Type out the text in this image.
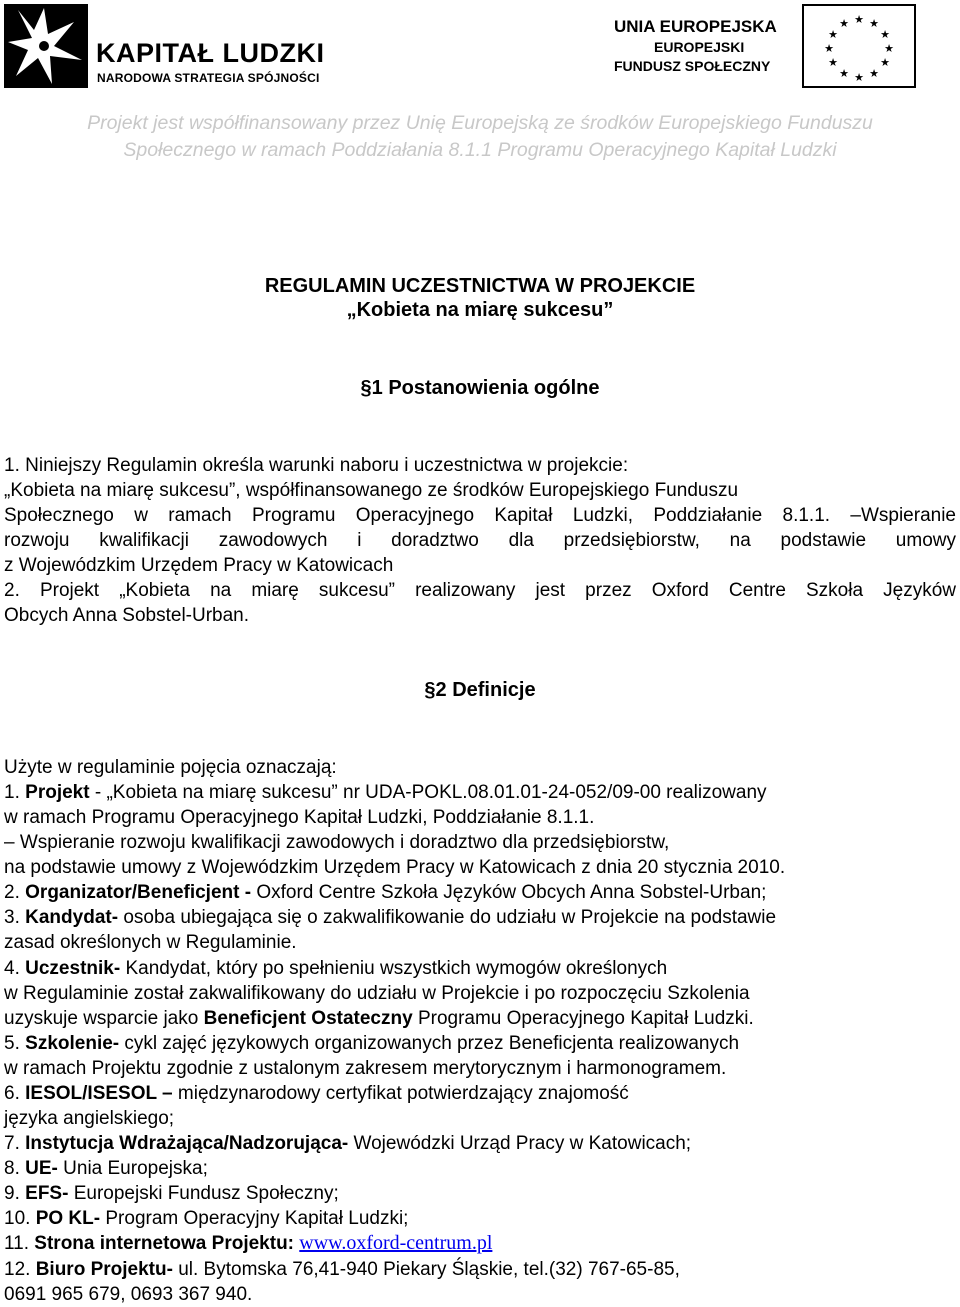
KAPITAŁ LUDZKI
NARODOWA STRATEGIA SPÓJNOŚCI
UNIA EUROPEJSKA
EUROPEJSKI
FUNDUSZ SPOŁECZNY
★ ★
★
★
★
★
★
★
★
★
★
★
Projekt jest współfinansowany przez Unię Europejską ze środków Europejskiego Funduszu
Społecznego w ramach Poddziałania 8.1.1 Programu Operacyjnego Kapitał Ludzki
REGULAMIN UCZESTNICTWA W PROJEKCIE
„Kobieta na miarę sukcesu”
§1 Postanowienia ogólne
1. Niniejszy Regulamin określa warunki naboru i uczestnictwa w projekcie:
„Kobieta na miarę sukcesu”, współfinansowanego ze środków Europejskiego Funduszu
Społecznego w ramach Programu Operacyjnego Kapitał Ludzki, Poddziałanie 8.1.1. –Wspieranie
rozwoju kwalifikacji zawodowych i doradztwo dla przedsiębiorstw, na podstawie umowy
z Wojewódzkim Urzędem Pracy w Katowicach
2. Projekt „Kobieta na miarę sukcesu” realizowany jest przez Oxford Centre Szkoła Języków
Obcych Anna Sobstel-Urban.
§2 Definicje
Użyte w regulaminie pojęcia oznaczają:
1. Projekt - „Kobieta na miarę sukcesu” nr UDA-POKL.08.01.01-24-052/09-00 realizowany
w ramach Programu Operacyjnego Kapitał Ludzki, Poddziałanie 8.1.1.
– Wspieranie rozwoju kwalifikacji zawodowych i doradztwo dla przedsiębiorstw,
na podstawie umowy z Wojewódzkim Urzędem Pracy w Katowicach z dnia 20 stycznia 2010.
2. Organizator/Beneficjent - Oxford Centre Szkoła Języków Obcych Anna Sobstel-Urban;
3. Kandydat- osoba ubiegająca się o zakwalifikowanie do udziału w Projekcie na podstawie
zasad określonych w Regulaminie.
4. Uczestnik- Kandydat, który po spełnieniu wszystkich wymogów określonych
w Regulaminie został zakwalifikowany do udziału w Projekcie i po rozpoczęciu Szkolenia
uzyskuje wsparcie jako Beneficjent Ostateczny Programu Operacyjnego Kapitał Ludzki.
5. Szkolenie- cykl zajęć językowych organizowanych przez Beneficjenta realizowanych
w ramach Projektu zgodnie z ustalonym zakresem merytorycznym i harmonogramem.
6. IESOL/ISESOL – międzynarodowy certyfikat potwierdzający znajomość
języka angielskiego;
7. Instytucja Wdrażająca/Nadzorująca- Wojewódzki Urząd Pracy w Katowicach;
8. UE- Unia Europejska;
9. EFS- Europejski Fundusz Społeczny;
10. PO KL- Program Operacyjny Kapitał Ludzki;
11. Strona internetowa Projektu: www.oxford-centrum.pl
12. Biuro Projektu- ul. Bytomska 76,41-940 Piekary Śląskie, tel.(32) 767-65-85,
0691 965 679, 0693 367 940.
